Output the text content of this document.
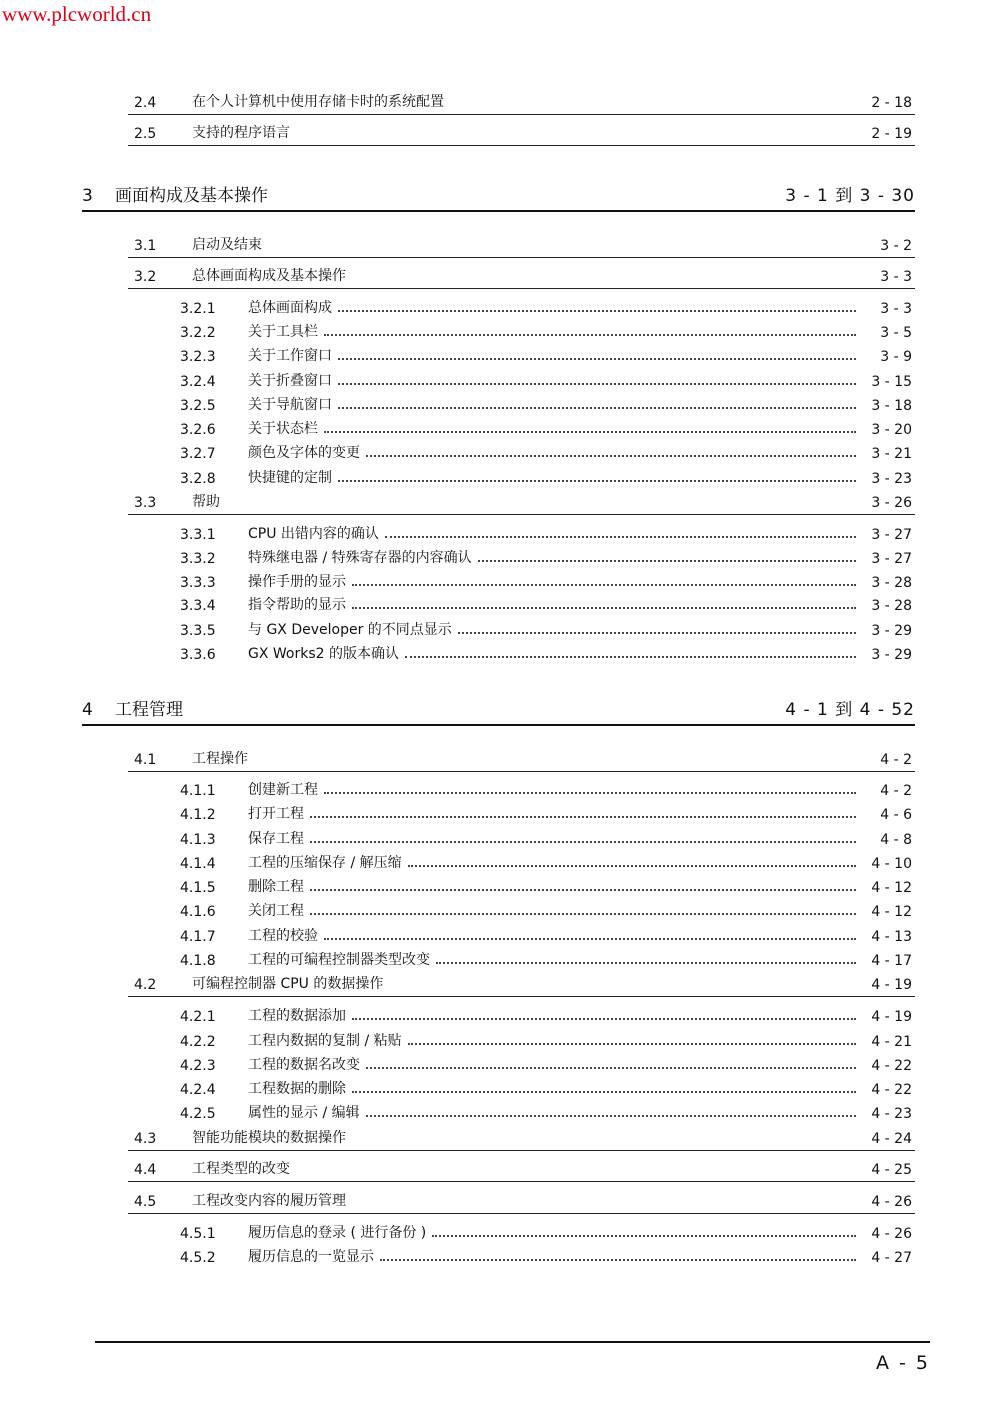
www.plcworld.cn
2.4	在个人计算机中使用存储卡时的系统配置	2 - 18
2.5	支持的程序语言	2 - 19
3	画面构成及基本操作	3 - 1 到 3 - 30
3.1	启动及结束	3 - 2
3.2	总体画面构成及基本操作	3 - 3
3.2.1	总体画面构成	3 - 3
3.2.2	关于工具栏	3 - 5
3.2.3	关于工作窗口	3 - 9
3.2.4	关于折叠窗口	3 - 15
3.2.5	关于导航窗口	3 - 18
3.2.6	关于状态栏	3 - 20
3.2.7	颜色及字体的变更	3 - 21
3.2.8	快捷键的定制	3 - 23
3.3	帮助	3 - 26
3.3.1	CPU 出错内容的确认	3 - 27
3.3.2	特殊继电器 / 特殊寄存器的内容确认	3 - 27
3.3.3	操作手册的显示	3 - 28
3.3.4	指令帮助的显示	3 - 28
3.3.5	与 GX Developer 的不同点显示	3 - 29
3.3.6	GX Works2 的版本确认	3 - 29
4	工程管理	4 - 1 到 4 - 52
4.1	工程操作	4 - 2
4.1.1	创建新工程	4 - 2
4.1.2	打开工程	4 - 6
4.1.3	保存工程	4 - 8
4.1.4	工程的压缩保存 / 解压缩	4 - 10
4.1.5	删除工程	4 - 12
4.1.6	关闭工程	4 - 12
4.1.7	工程的校验	4 - 13
4.1.8	工程的可编程控制器类型改变	4 - 17
4.2	可编程控制器 CPU 的数据操作	4 - 19
4.2.1	工程的数据添加	4 - 19
4.2.2	工程内数据的复制 / 粘贴	4 - 21
4.2.3	工程的数据名改变	4 - 22
4.2.4	工程数据的删除	4 - 22
4.2.5	属性的显示 / 编辑	4 - 23
4.3	智能功能模块的数据操作	4 - 24
4.4	工程类型的改变	4 - 25
4.5	工程改变内容的履历管理	4 - 26
4.5.1	履历信息的登录 ( 进行备份 )	4 - 26
4.5.2	履历信息的一览显示	4 - 27
A - 5
